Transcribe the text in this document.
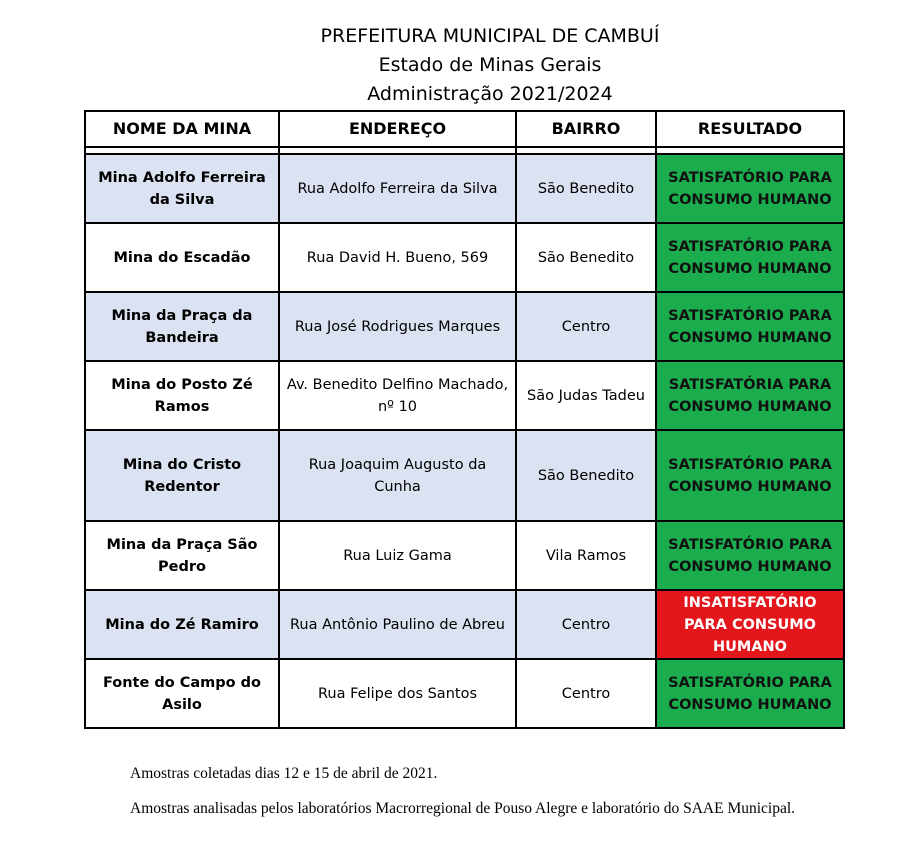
PREFEITURA MUNICIPAL DE CAMBUÍ
Estado de Minas Gerais
Administração 2021/2024
NOME DA MINA	ENDEREÇO	BAIRRO	RESULTADO

Mina Adolfo Ferreira da Silva	Rua Adolfo Ferreira da Silva	São Benedito	SATISFATÓRIO PARA CONSUMO HUMANO
Mina do Escadão	Rua David H. Bueno, 569	São Benedito	SATISFATÓRIO PARA CONSUMO HUMANO
Mina da Praça da Bandeira	Rua José Rodrigues Marques	Centro	SATISFATÓRIO PARA CONSUMO HUMANO
Mina do Posto Zé Ramos	Av. Benedito Delfino Machado, nº 10	São Judas Tadeu	SATISFATÓRIA PARA CONSUMO HUMANO
Mina do Cristo Redentor	Rua Joaquim Augusto da Cunha	São Benedito	SATISFATÓRIO PARA CONSUMO HUMANO
Mina da Praça São Pedro	Rua Luiz Gama	Vila Ramos	SATISFATÓRIO PARA CONSUMO HUMANO
Mina do Zé Ramiro	Rua Antônio Paulino de Abreu	Centro	INSATISFATÓRIO PARA CONSUMO HUMANO
Fonte do Campo do Asilo	Rua Felipe dos Santos	Centro	SATISFATÓRIO PARA CONSUMO HUMANO
Amostras coletadas dias 12 e 15 de abril de 2021.
Amostras analisadas pelos laboratórios Macrorregional de Pouso Alegre e laboratório do SAAE Municipal.
